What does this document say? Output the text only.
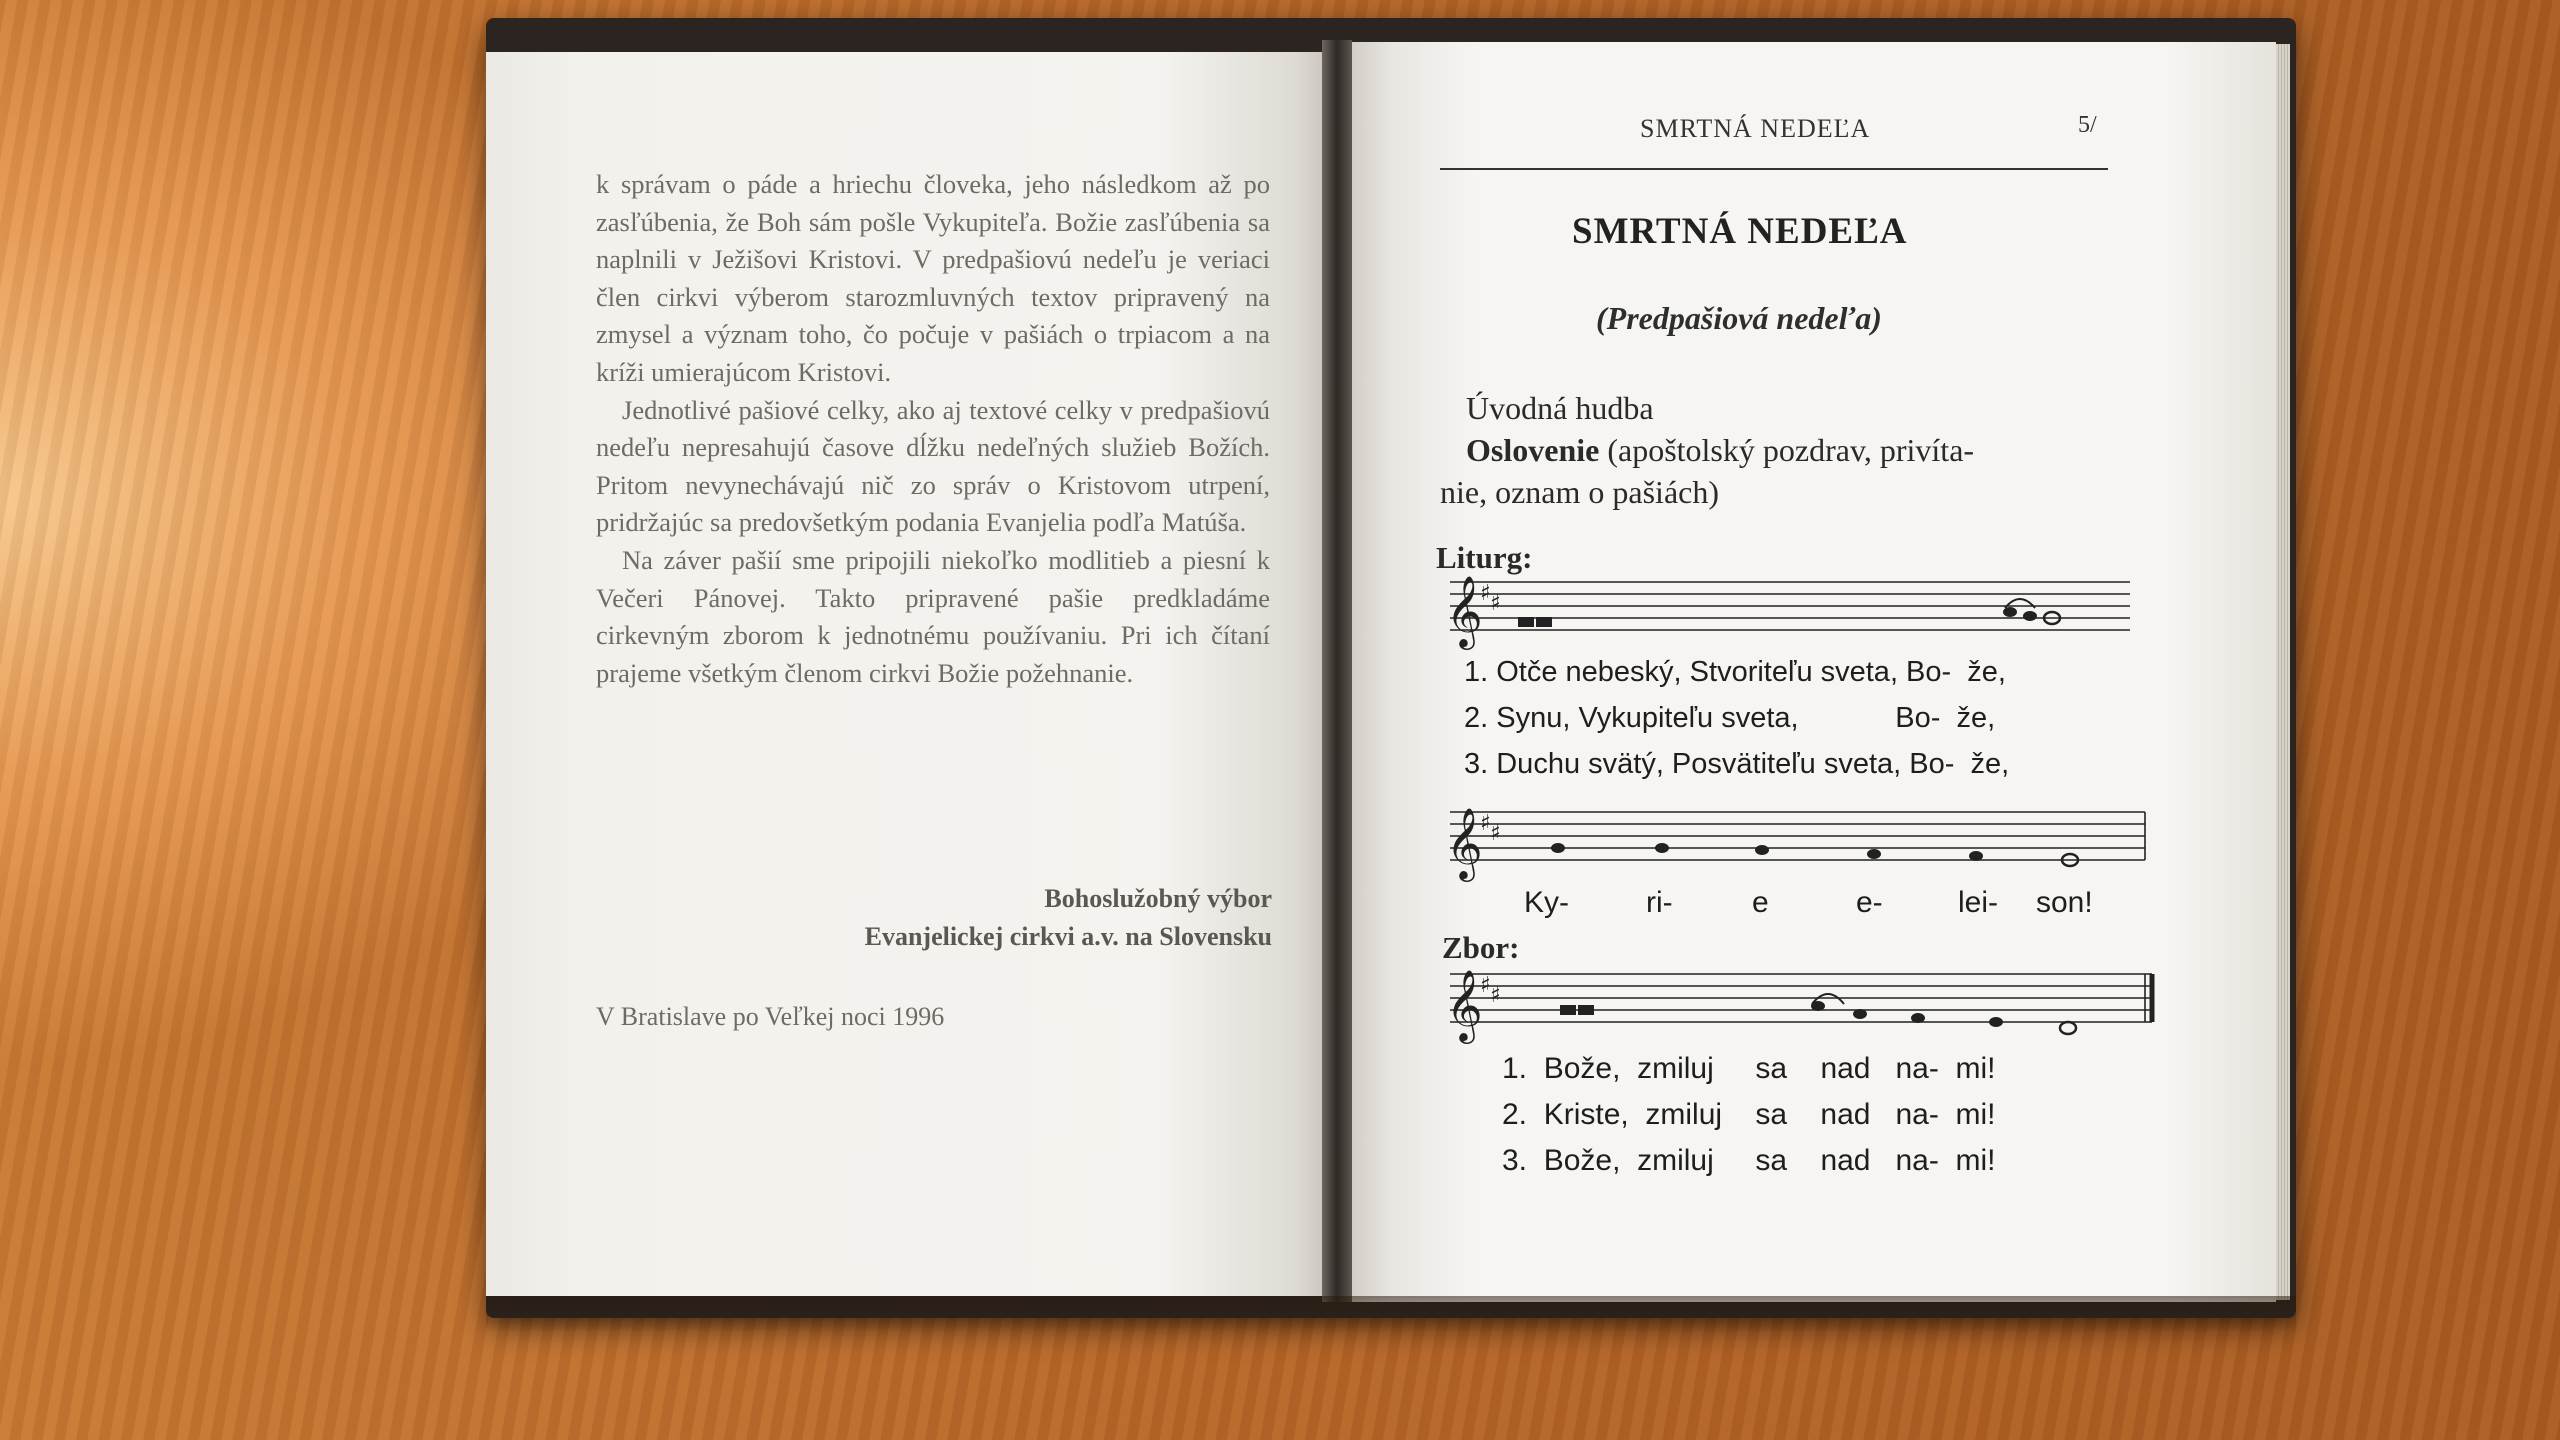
k správam o páde a hriechu človeka, jeho následkom až po zasľúbenia, že Boh sám pošle Vykupiteľa. Božie zasľúbenia sa naplnili v Ježišovi Kristovi. V predpašiovú nedeľu je veriaci člen cirkvi výberom starozmluvných textov pripravený na zmysel a význam toho, čo počuje v pašiách o trpiacom a na kríži umierajúcom Kristovi.

Jednotlivé pašiové celky, ako aj textové celky v predpašiovú nedeľu nepresahujú časove dĺžku nedeľných služieb Božích. Pritom nevynechávajú nič zo správ o Kristovom utrpení, pridržajúc sa predovšetkým podania Evanjelia podľa Matúša.

Na záver pašií sme pripojili niekoľko modlitieb a piesní k Večeri Pánovej. Takto pripravené pašie predkladáme cirkevným zborom k jednotnému používaniu. Pri ich čítaní prajeme všetkým členom cirkvi Božie požehnanie.

Bohoslužobný výbor
Evanjelickej cirkvi a.v. na Slovensku
V Bratislave po Veľkej noci 1996
SMRTNÁ NEDEĽA	5/
SMRTNÁ NEDEĽA
(Predpašiová nedeľa)
Úvodná hudba
Oslovenie (apoštolský pozdrav, privíta-
nie, oznam o pašiách)
Liturg:
𝄞
♯ ♯
1. Otče nebeský, Stvoriteľu sveta, Bo-  že,
2. Synu, Vykupiteľu sveta,            Bo-  že,
3. Duchu svätý, Posvätiteľu sveta, Bo-  že,
𝄞
♯ ♯
Ky-	ri-	e	e-	lei- son!
Zbor:
𝄞
♯ ♯
1.  Bože,  zmiluj     sa    nad   na-  mi!
2.  Kriste,  zmiluj    sa    nad   na-  mi!
3.  Bože,  zmiluj     sa    nad   na-  mi!
